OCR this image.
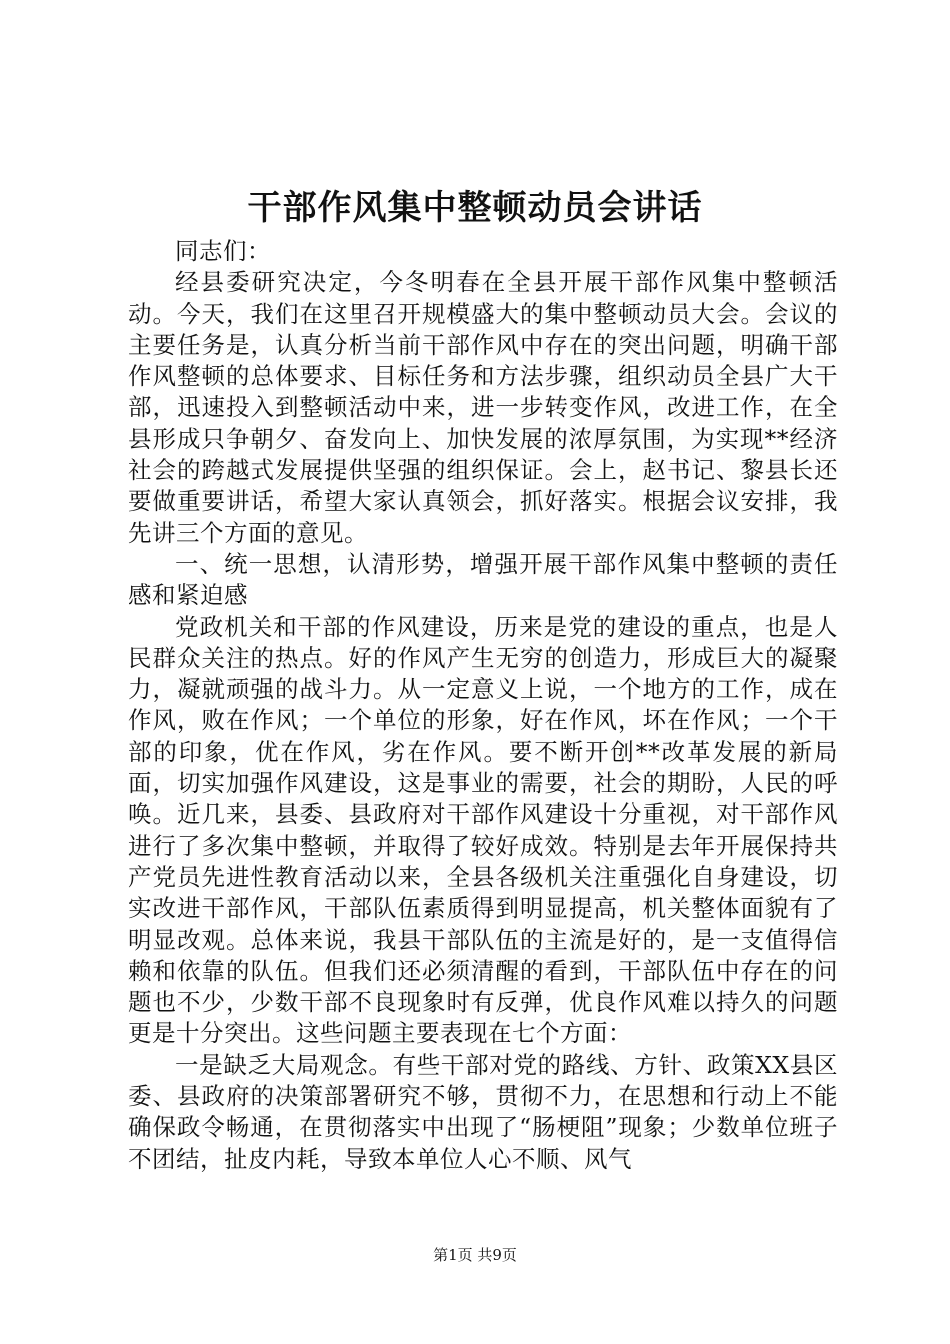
干部作风集中整顿动员会讲话

同志们：

经县委研究决定，今冬明春在全县开展干部作风集中整顿活动。今天，我们在这里召开规模盛大的集中整顿动员大会。会议的主要任务是，认真分析当前干部作风中存在的突出问题，明确干部作风整顿的总体要求、目标任务和方法步骤，组织动员全县广大干部，迅速投入到整顿活动中来，进一步转变作风，改进工作，在全县形成只争朝夕、奋发向上、加快发展的浓厚氛围，为实现**经济社会的跨越式发展提供坚强的组织保证。会上，赵书记、黎县长还要做重要讲话，希望大家认真领会，抓好落实。根据会议安排，我先讲三个方面的意见。

一、统一思想，认清形势，增强开展干部作风集中整顿的责任感和紧迫感

党政机关和干部的作风建设，历来是党的建设的重点，也是人民群众关注的热点。好的作风产生无穷的创造力，形成巨大的凝聚力，凝就顽强的战斗力。从一定意义上说，一个地方的工作，成在作风，败在作风；一个单位的形象，好在作风，坏在作风；一个干部的印象，优在作风，劣在作风。要不断开创**改革发展的新局面，切实加强作风建设，这是事业的需要，社会的期盼，人民的呼唤。近几来，县委、县政府对干部作风建设十分重视，对干部作风进行了多次集中整顿，并取得了较好成效。特别是去年开展保持共产党员先进性教育活动以来，全县各级机关注重强化自身建设，切实改进干部作风，干部队伍素质得到明显提高，机关整体面貌有了明显改观。总体来说，我县干部队伍的主流是好的，是一支值得信赖和依靠的队伍。但我们还必须清醒的看到，干部队伍中存在的问题也不少，少数干部不良现象时有反弹，优良作风难以持久的问题更是十分突出。这些问题主要表现在七个方面：

一是缺乏大局观念。有些干部对党的路线、方针、政策XX县区委、县政府的决策部署研究不够，贯彻不力，在思想和行动上不能确保政令畅通，在贯彻落实中出现了“肠梗阻”现象；少数单位班子不团结，扯皮内耗，导致本单位人心不顺、风气

第1页 共9页
